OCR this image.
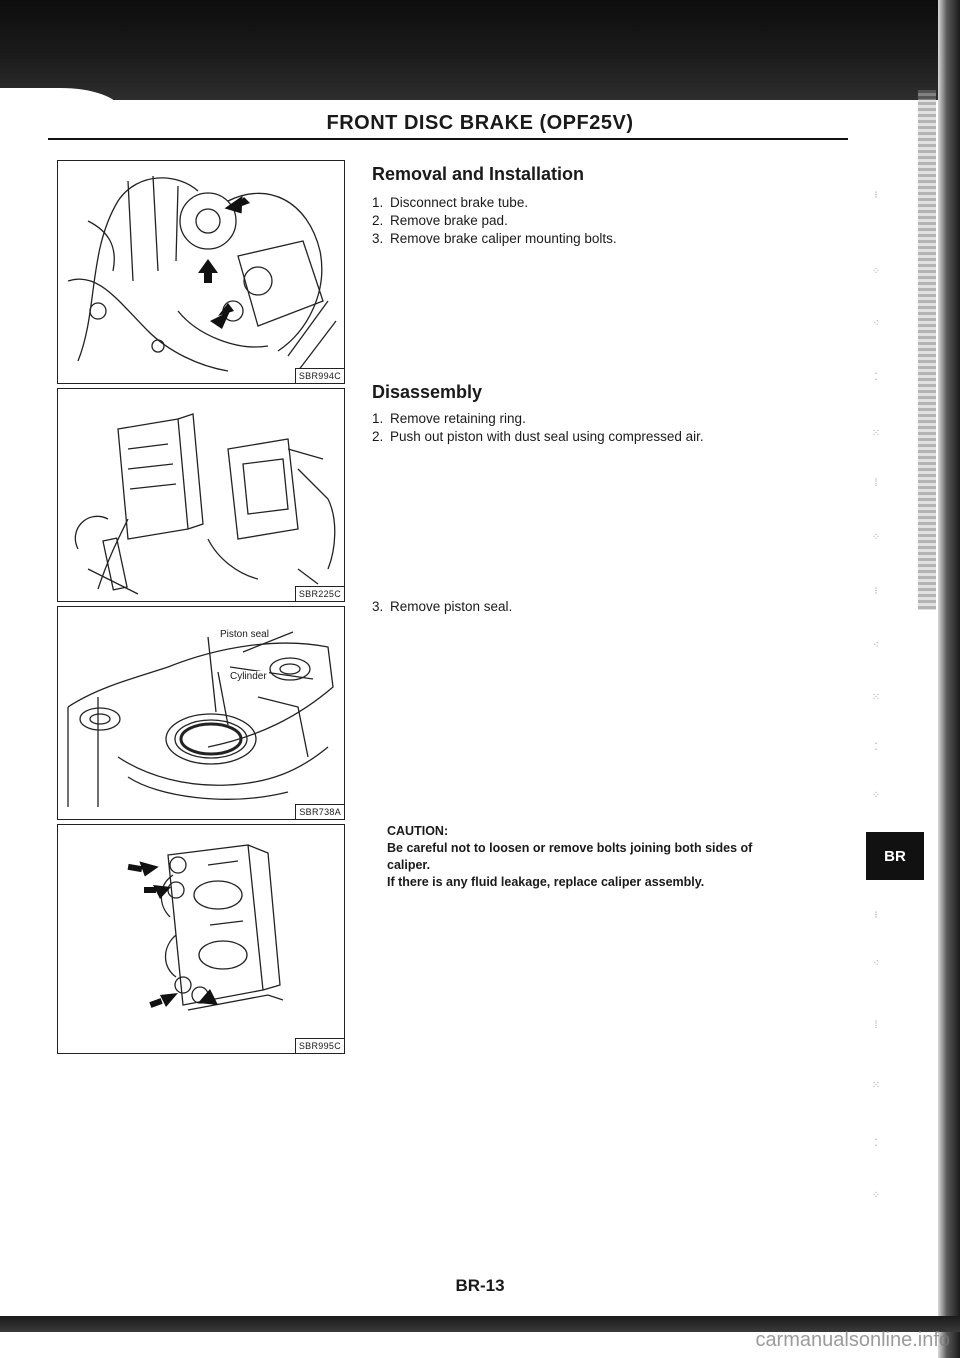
FRONT DISC BRAKE (OPF25V)
SBR994C
SBR225C
Piston seal
Cylinder
SBR738A
SBR995C
Removal and Installation
1. Disconnect brake tube.
2. Remove brake pad.
3. Remove brake caliper mounting bolts.
Disassembly
1. Remove retaining ring.
2. Push out piston with dust seal using compressed air.
3. Remove piston seal.
CAUTION:
Be careful not to loosen or remove bolts joining both sides of
caliper.
If there is any fluid leakage, replace caliper assembly.
⁝
⁘
⁖
⁚
⁙
⁞
⁘
⁝
⁖
⁙
⁚
⁘
⁝
⁖
⁞
⁙
⁚
⁘
BR
BR-13
carmanualsonline.info
